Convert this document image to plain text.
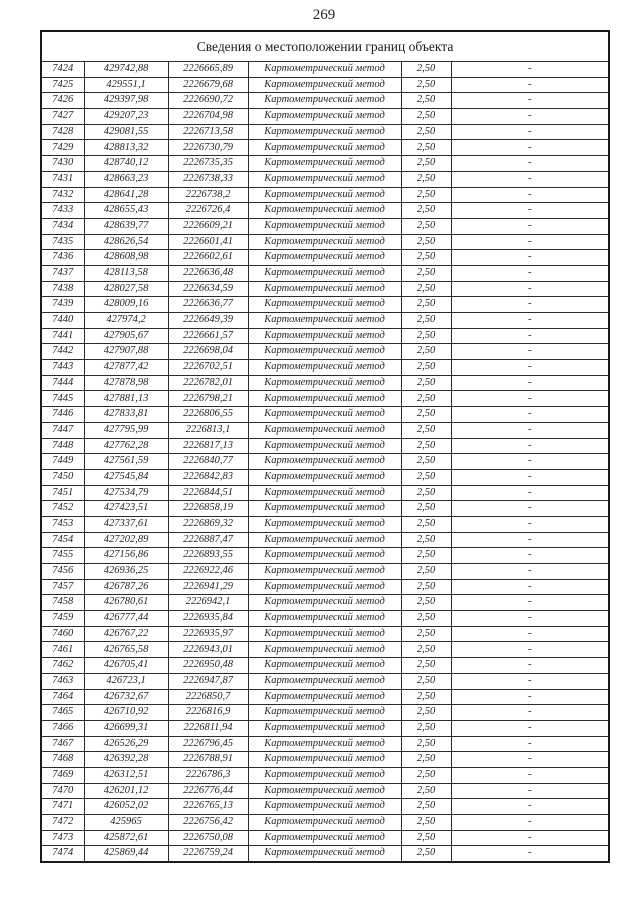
269
Сведения о местоположении границ объекта					
7424	429742,88	2226665,89	Картометрический метод	2,50	-
7425	429551,1	2226679,68	Картометрический метод	2,50	-
7426	429397,98	2226690,72	Картометрический метод	2,50	-
7427	429207,23	2226704,98	Картометрический метод	2,50	-
7428	429081,55	2226713,58	Картометрический метод	2,50	-
7429	428813,32	2226730,79	Картометрический метод	2,50	-
7430	428740,12	2226735,35	Картометрический метод	2,50	-
7431	428663,23	2226738,33	Картометрический метод	2,50	-
7432	428641,28	2226738,2	Картометрический метод	2,50	-
7433	428655,43	2226726,4	Картометрический метод	2,50	-
7434	428639,77	2226609,21	Картометрический метод	2,50	-
7435	428626,54	2226601,41	Картометрический метод	2,50	-
7436	428608,98	2226602,61	Картометрический метод	2,50	-
7437	428113,58	2226636,48	Картометрический метод	2,50	-
7438	428027,58	2226634,59	Картометрический метод	2,50	-
7439	428009,16	2226636,77	Картометрический метод	2,50	-
7440	427974,2	2226649,39	Картометрический метод	2,50	-
7441	427905,67	2226661,57	Картометрический метод	2,50	-
7442	427907,88	2226698,04	Картометрический метод	2,50	-
7443	427877,42	2226702,51	Картометрический метод	2,50	-
7444	427878,98	2226782,01	Картометрический метод	2,50	-
7445	427881,13	2226798,21	Картометрический метод	2,50	-
7446	427833,81	2226806,55	Картометрический метод	2,50	-
7447	427795,99	2226813,1	Картометрический метод	2,50	-
7448	427762,28	2226817,13	Картометрический метод	2,50	-
7449	427561,59	2226840,77	Картометрический метод	2,50	-
7450	427545,84	2226842,83	Картометрический метод	2,50	-
7451	427534,79	2226844,51	Картометрический метод	2,50	-
7452	427423,51	2226858,19	Картометрический метод	2,50	-
7453	427337,61	2226869,32	Картометрический метод	2,50	-
7454	427202,89	2226887,47	Картометрический метод	2,50	-
7455	427156,86	2226893,55	Картометрический метод	2,50	-
7456	426936,25	2226922,46	Картометрический метод	2,50	-
7457	426787,26	2226941,29	Картометрический метод	2,50	-
7458	426780,61	2226942,1	Картометрический метод	2,50	-
7459	426777,44	2226935,84	Картометрический метод	2,50	-
7460	426767,22	2226935,97	Картометрический метод	2,50	-
7461	426765,58	2226943,01	Картометрический метод	2,50	-
7462	426705,41	2226950,48	Картометрический метод	2,50	-
7463	426723,1	2226947,87	Картометрический метод	2,50	-
7464	426732,67	2226850,7	Картометрический метод	2,50	-
7465	426710,92	2226816,9	Картометрический метод	2,50	-
7466	426699,31	2226811,94	Картометрический метод	2,50	-
7467	426526,29	2226796,45	Картометрический метод	2,50	-
7468	426392,28	2226788,91	Картометрический метод	2,50	-
7469	426312,51	2226786,3	Картометрический метод	2,50	-
7470	426201,12	2226776,44	Картометрический метод	2,50	-
7471	426052,02	2226765,13	Картометрический метод	2,50	-
7472	425965	2226756,42	Картометрический метод	2,50	-
7473	425872,61	2226750,08	Картометрический метод	2,50	-
7474	425869,44	2226759,24	Картометрический метод	2,50	-
